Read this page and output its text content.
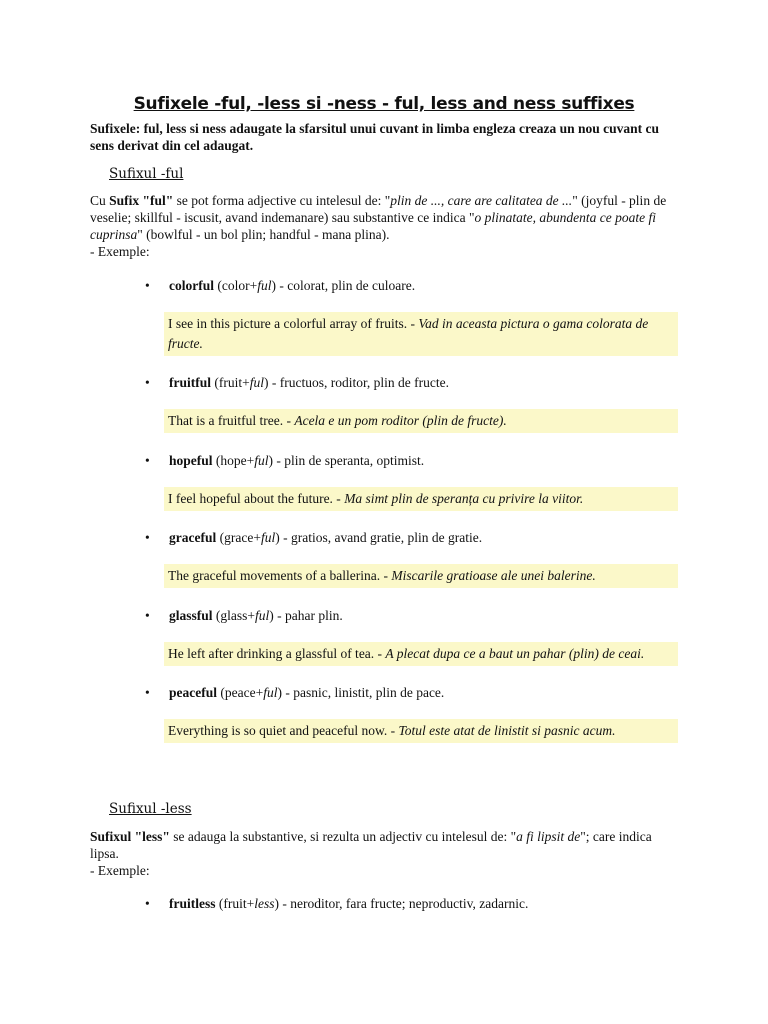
Sufixele -ful, -less si -ness - ful, less and ness suffixes
Sufixele: ful, less si ness adaugate la sfarsitul unui cuvant in limba engleza creaza un nou cuvant cu sens derivat din cel adaugat.
Sufixul -ful
Cu Sufix "ful" se pot forma adjective cu intelesul de: "plin de ..., care are calitatea de ..." (joyful - plin de veselie; skillful - iscusit, avand indemanare) sau substantive ce indica "o plinatate, abundenta ce poate fi cuprinsa" (bowlful - un bol plin; handful - mana plina).
- Exemple:
• colorful (color+ful) - colorat, plin de culoare.
I see in this picture a colorful array of fruits. - Vad in aceasta pictura o gama colorata de fructe.
• fruitful (fruit+ful) - fructuos, roditor, plin de fructe.
That is a fruitful tree. - Acela e un pom roditor (plin de fructe).
• hopeful (hope+ful) - plin de speranta, optimist.
I feel hopeful about the future. - Ma simt plin de speranța cu privire la viitor.
• graceful (grace+ful) - gratios, avand gratie, plin de gratie.
The graceful movements of a ballerina. - Miscarile gratioase ale unei balerine.
• glassful (glass+ful) - pahar plin.
He left after drinking a glassful of tea. - A plecat dupa ce a baut un pahar (plin) de ceai.
• peaceful (peace+ful) - pasnic, linistit, plin de pace.
Everything is so quiet and peaceful now. - Totul este atat de linistit si pasnic acum.
Sufixul -less
Sufixul "less" se adauga la substantive, si rezulta un adjectiv cu intelesul de: "a fi lipsit de"; care indica lipsa.
- Exemple:
• fruitless (fruit+less) - neroditor, fara fructe; neproductiv, zadarnic.
